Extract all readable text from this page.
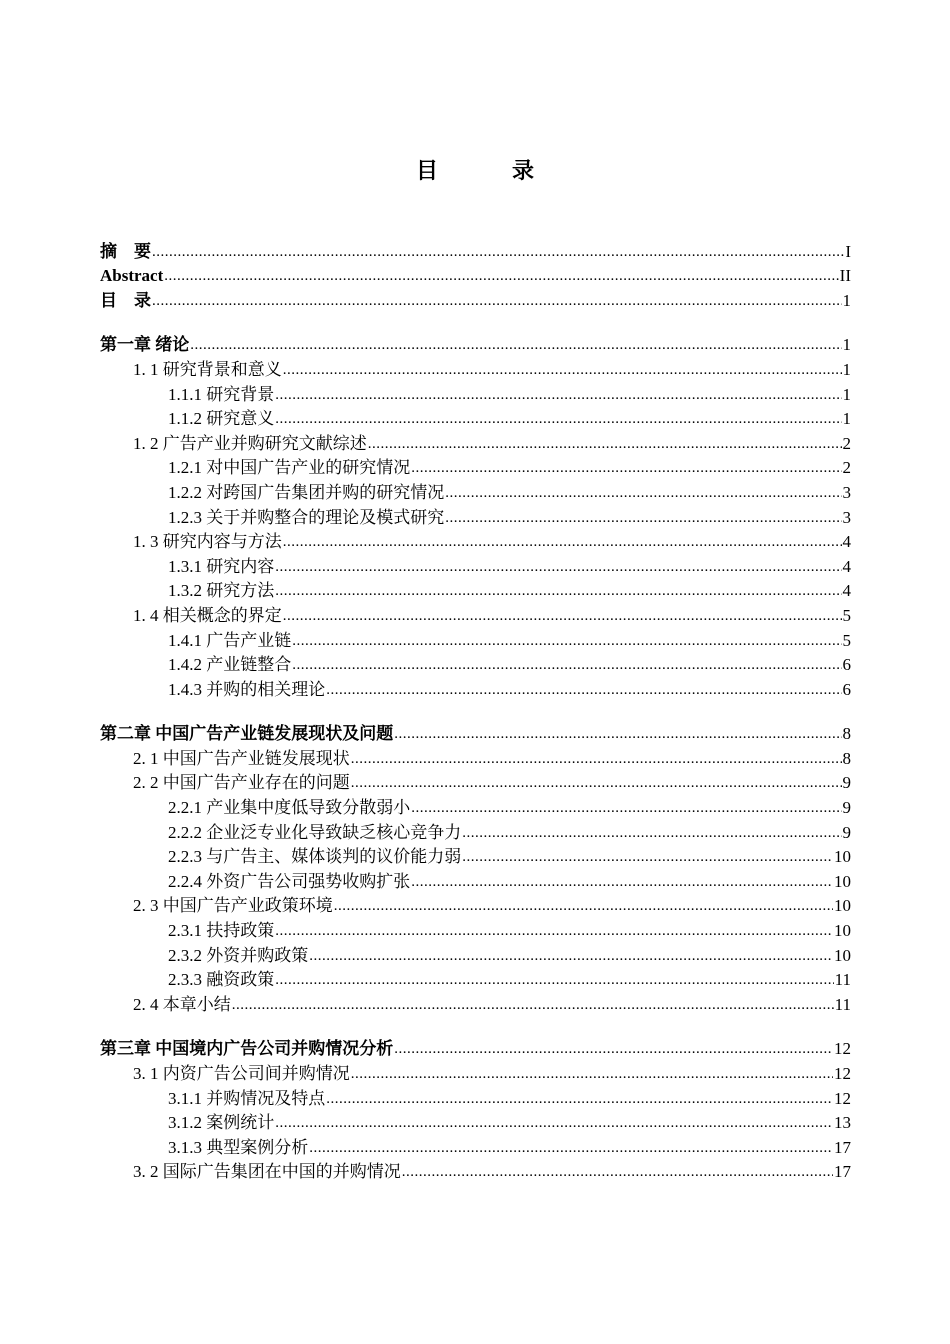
目　录
摘　要 .....	I
Abstract .....	II
目　录 .....	1
第一章 绪论 .....	1
1. 1 研究背景和意义 .....	1
1.1.1 研究背景 .....	1
1.1.2 研究意义 .....	1
1. 2 广告产业并购研究文献综述 .....	2
1.2.1 对中国广告产业的研究情况 .....	2
1.2.2 对跨国广告集团并购的研究情况 .....	3
1.2.3 关于并购整合的理论及模式研究 .....	3
1. 3 研究内容与方法 .....	4
1.3.1 研究内容 .....	4
1.3.2 研究方法 .....	4
1. 4 相关概念的界定 .....	5
1.4.1 广告产业链 .....	5
1.4.2 产业链整合 .....	6
1.4.3 并购的相关理论 .....	6
第二章 中国广告产业链发展现状及问题 .....	8
2. 1 中国广告产业链发展现状 .....	8
2. 2 中国广告产业存在的问题 .....	9
2.2.1 产业集中度低导致分散弱小 .....	9
2.2.2 企业泛专业化导致缺乏核心竞争力 .....	9
2.2.3 与广告主、媒体谈判的议价能力弱 .....	10
2.2.4 外资广告公司强势收购扩张 .....	10
2. 3 中国广告产业政策环境 .....	10
2.3.1 扶持政策 .....	10
2.3.2 外资并购政策 .....	10
2.3.3 融资政策 .....	11
2. 4 本章小结 .....	11
第三章 中国境内广告公司并购情况分析 .....	12
3. 1 内资广告公司间并购情况 .....	12
3.1.1 并购情况及特点 .....	12
3.1.2 案例统计 .....	13
3.1.3 典型案例分析 .....	17
3. 2 国际广告集团在中国的并购情况 .....	17
